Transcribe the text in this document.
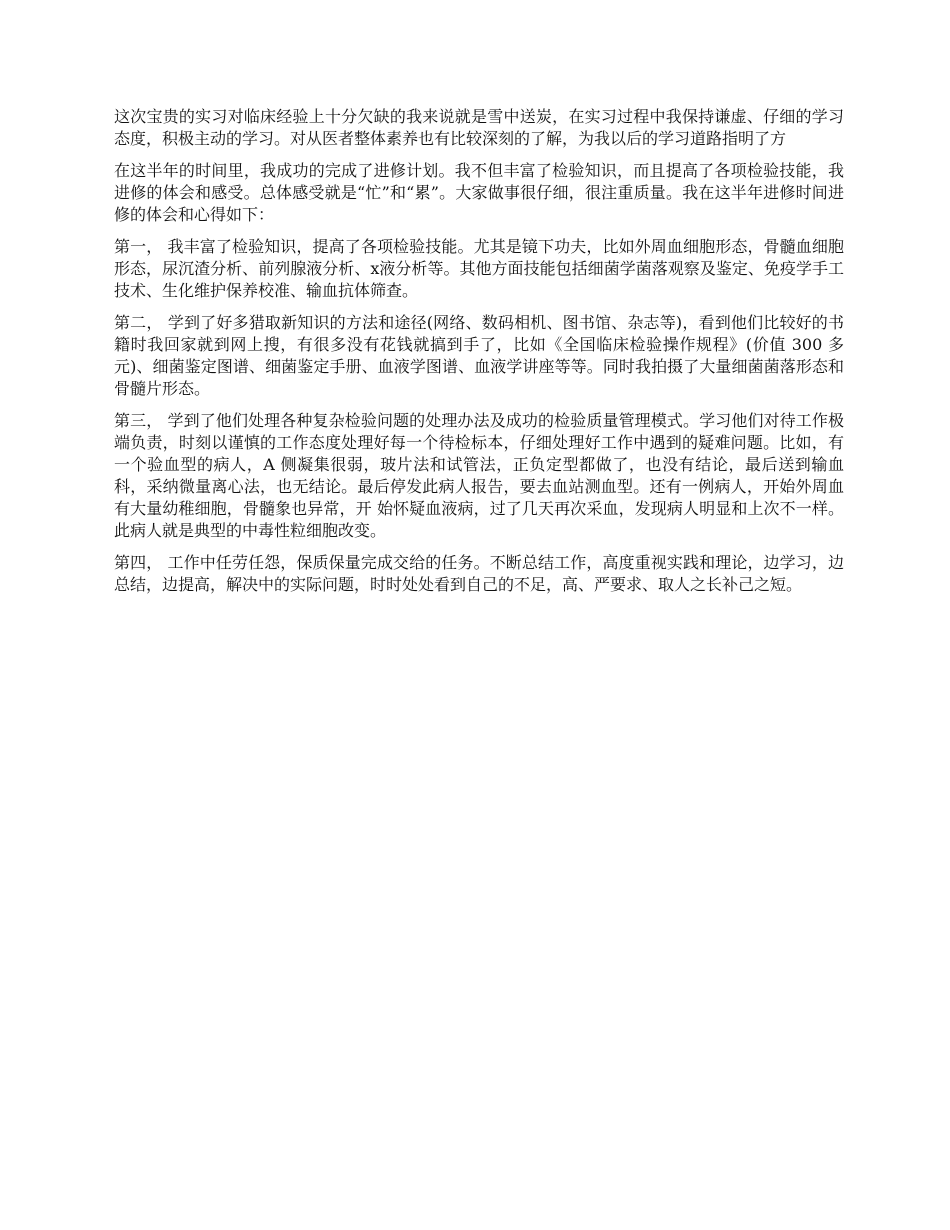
这次宝贵的实习对临床经验上十分欠缺的我来说就是雪中送炭，在实习过程中我保持谦虚、仔细的学习态度，积极主动的学习。对从医者整体素养也有比较深刻的了解，为我以后的学习道路指明了方

在这半年的时间里，我成功的完成了进修计划。我不但丰富了检验知识，而且提高了各项检验技能，我进修的体会和感受。总体感受就是“忙”和“累”。大家做事很仔细，很注重质量。我在这半年进修时间进修的体会和心得如下：

第一， 我丰富了检验知识，提高了各项检验技能。尤其是镜下功夫，比如外周血细胞形态，骨髓血细胞形态，尿沉渣分析、前列腺液分析、x液分析等。其他方面技能包括细菌学菌落观察及鉴定、免疫学手工技术、生化维护保养校准、输血抗体筛查。

第二， 学到了好多猎取新知识的方法和途径(网络、数码相机、图书馆、杂志等)，看到他们比较好的书籍时我回家就到网上搜，有很多没有花钱就搞到手了，比如《全国临床检验操作规程》(价值 300 多元)、细菌鉴定图谱、细菌鉴定手册、血液学图谱、血液学讲座等等。同时我拍摄了大量细菌菌落形态和骨髓片形态。

第三， 学到了他们处理各种复杂检验问题的处理办法及成功的检验质量管理模式。学习他们对待工作极端负责，时刻以谨慎的工作态度处理好每一个待检标本，仔细处理好工作中遇到的疑难问题。比如，有一个验血型的病人，A 侧凝集很弱，玻片法和试管法，正负定型都做了，也没有结论，最后送到输血科，采纳微量离心法，也无结论。最后停发此病人报告，要去血站测血型。还有一例病人，开始外周血有大量幼稚细胞，骨髓象也异常，开 始怀疑血液病，过了几天再次采血，发现病人明显和上次不一样。此病人就是典型的中毒性粒细胞改变。

第四， 工作中任劳任怨，保质保量完成交给的任务。不断总结工作，高度重视实践和理论，边学习，边总结，边提高，解决中的实际问题，时时处处看到自己的不足，高、严要求、取人之长补己之短。
